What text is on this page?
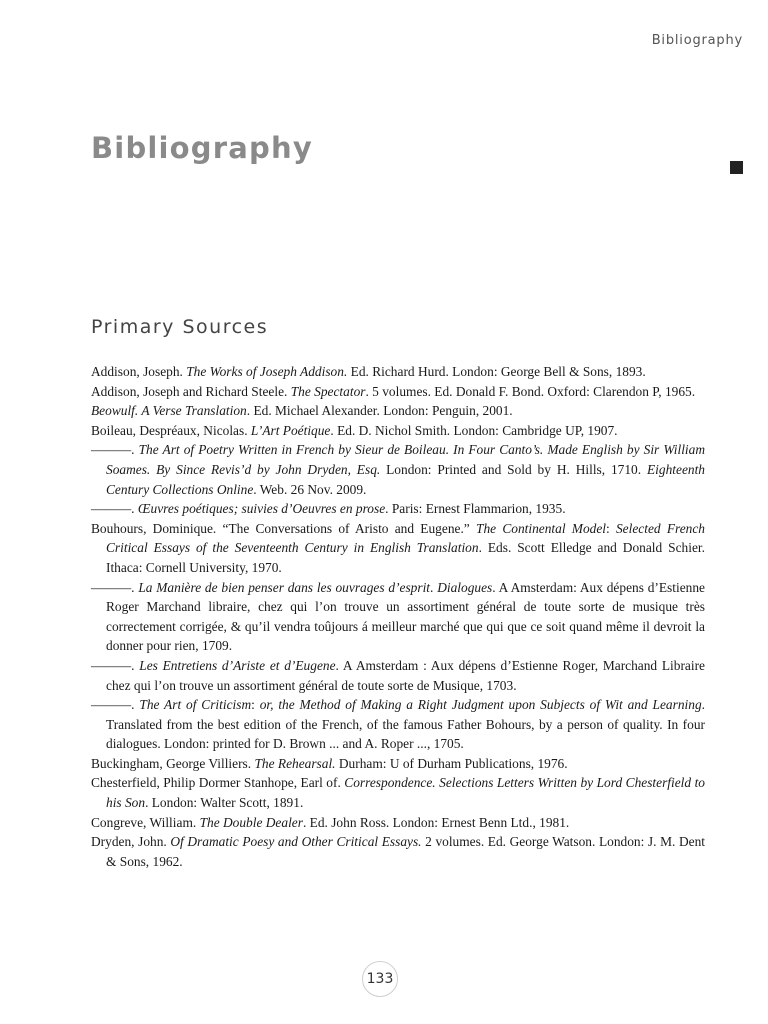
Bibliography
Bibliography
Primary Sources

Addison, Joseph. The Works of Joseph Addison. Ed. Richard Hurd. London: George Bell & Sons, 1893.

Addison, Joseph and Richard Steele. The Spectator. 5 volumes. Ed. Donald F. Bond. Oxford: Clarendon P, 1965.

Beowulf. A Verse Translation. Ed. Michael Alexander. London: Penguin, 2001.

Boileau, Despréaux, Nicolas. L’Art Poétique. Ed. D. Nichol Smith. London: Cambridge UP, 1907.

———. The Art of Poetry Written in French by Sieur de Boileau. In Four Canto’s. Made English by Sir William Soames. By Since Revis’d by John Dryden, Esq. London: Printed and Sold by H. Hills, 1710. Eighteenth Century Collections Online. Web. 26 Nov. 2009.

———. Œuvres poétiques; suivies d’Oeuvres en prose. Paris: Ernest Flammarion, 1935.

Bouhours, Dominique. “The Conversations of Aristo and Eugene.” The Continental Model: Selected French Critical Essays of the Seventeenth Century in English Translation. Eds. Scott Elledge and Donald Schier. Ithaca: Cornell University, 1970.

———. La Manière de bien penser dans les ouvrages d’esprit. Dialogues. A Amsterdam: Aux dépens d’Estienne Roger Marchand libraire, chez qui l’on trouve un assortiment général de toute sorte de musique très correctement corrigée, & qu’il vendra toûjours á meilleur marché que qui que ce soit quand même il devroit la donner pour rien, 1709.

———. Les Entretiens d’Ariste et d’Eugene. A Amsterdam : Aux dépens d’Estienne Roger, Marchand Libraire chez qui l’on trouve un assortiment général de toute sorte de Musique, 1703.

———. The Art of Criticism: or, the Method of Making a Right Judgment upon Subjects of Wit and Learning. Translated from the best edition of the French, of the famous Father Bohours, by a person of quality. In four dialogues. London: printed for D. Brown ... and A. Roper ..., 1705.

Buckingham, George Villiers. The Rehearsal. Durham: U of Durham Publications, 1976.

Chesterfield, Philip Dormer Stanhope, Earl of. Correspondence. Selections Letters Written by Lord Chesterfield to his Son. London: Walter Scott, 1891.

Congreve, William. The Double Dealer. Ed. John Ross. London: Ernest Benn Ltd., 1981.

Dryden, John. Of Dramatic Poesy and Other Critical Essays. 2 volumes. Ed. George Watson. London: J. M. Dent & Sons, 1962.

133
